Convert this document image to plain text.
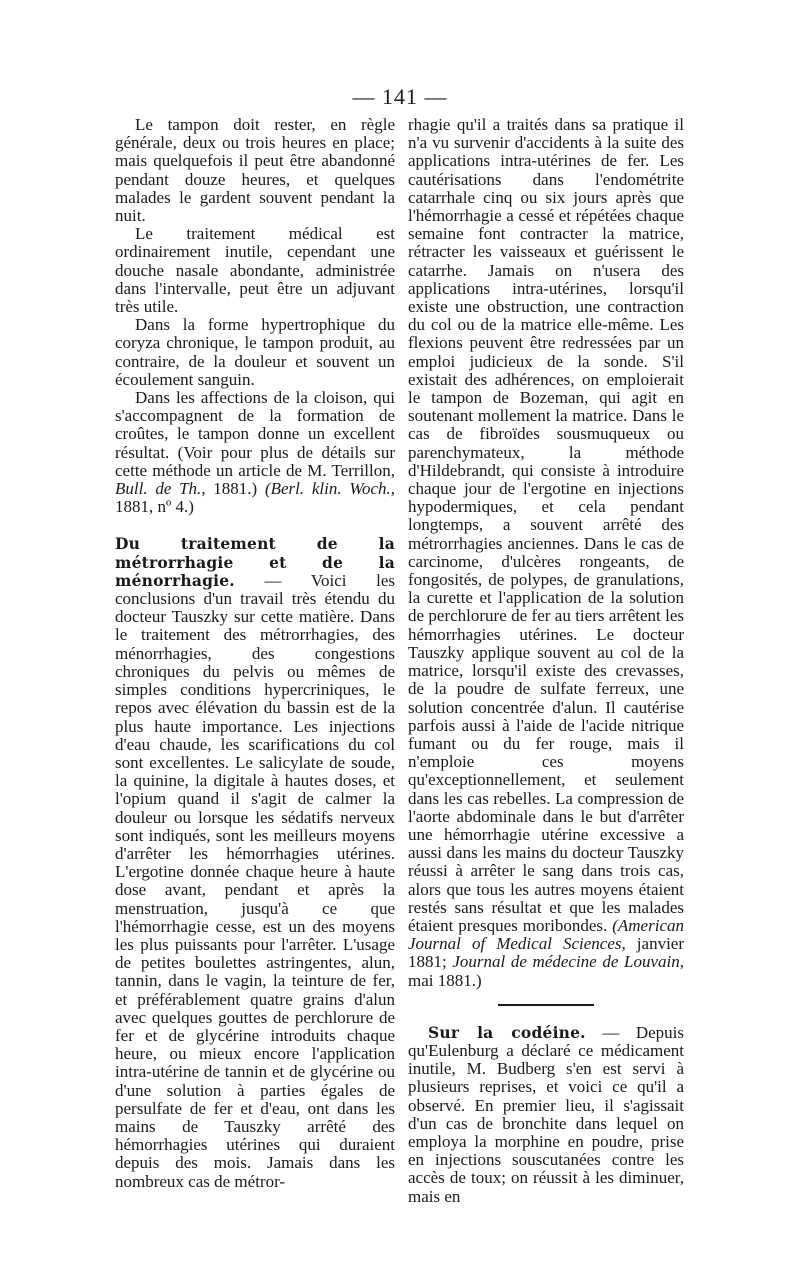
— 141 —

Le tampon doit rester, en règle générale, deux ou trois heures en place; mais quelquefois il peut être abandonné pendant douze heures, et quelques malades le gardent souvent pendant la nuit.

Le traitement médical est ordinairement inutile, cependant une douche nasale abondante, administrée dans l'intervalle, peut être un adjuvant très utile.

Dans la forme hypertrophique du coryza chronique, le tampon produit, au contraire, de la douleur et souvent un écoulement sanguin.

Dans les affections de la cloison, qui s'accompagnent de la formation de croûtes, le tampon donne un excellent résultat. (Voir pour plus de détails sur cette méthode un article de M. Terrillon, Bull. de Th., 1881.) (Berl. klin. Woch., 1881, nº 4.)

Du traitement de la métrorrhagie et de la ménorrhagie. — Voici les conclusions d'un travail très étendu du docteur Tauszky sur cette matière. Dans le traitement des métrorrhagies, des ménorrhagies, des congestions chroniques du pelvis ou mêmes de simples conditions hypercriniques, le repos avec élévation du bassin est de la plus haute importance. Les injections d'eau chaude, les scarifications du col sont excellentes. Le salicylate de soude, la quinine, la digitale à hautes doses, et l'opium quand il s'agit de calmer la douleur ou lorsque les sédatifs nerveux sont indiqués, sont les meilleurs moyens d'arrêter les hémorrhagies utérines. L'ergotine donnée chaque heure à haute dose avant, pendant et après la menstruation, jusqu'à ce que l'hémorrhagie cesse, est un des moyens les plus puissants pour l'arrêter. L'usage de petites boulettes astringentes, alun, tannin, dans le vagin, la teinture de fer, et préférablement quatre grains d'alun avec quelques gouttes de perchlorure de fer et de glycérine introduits chaque heure, ou mieux encore l'application intra-utérine de tannin et de glycérine ou d'une solution à parties égales de persulfate de fer et d'eau, ont dans les mains de Tauszky arrêté des hémorrhagies utérines qui duraient depuis des mois. Jamais dans les nombreux cas de métror-

rhagie qu'il a traités dans sa pratique il n'a vu survenir d'accidents à la suite des applications intra-utérines de fer. Les cautérisations dans l'endométrite catarrhale cinq ou six jours après que l'hémorrhagie a cessé et répétées chaque semaine font contracter la matrice, rétracter les vaisseaux et guérissent le catarrhe. Jamais on n'usera des applications intra-utérines, lorsqu'il existe une obstruction, une contraction du col ou de la matrice elle-même. Les flexions peuvent être redressées par un emploi judicieux de la sonde. S'il existait des adhérences, on emploierait le tampon de Bozeman, qui agit en soutenant mollement la matrice. Dans le cas de fibroïdes sousmuqueux ou parenchymateux, la méthode d'Hildebrandt, qui consiste à introduire chaque jour de l'ergotine en injections hypodermiques, et cela pendant longtemps, a souvent arrêté des métrorrhagies anciennes. Dans le cas de carcinome, d'ulcères rongeants, de fongosités, de polypes, de granulations, la curette et l'application de la solution de perchlorure de fer au tiers arrêtent les hémorrhagies utérines. Le docteur Tauszky applique souvent au col de la matrice, lorsqu'il existe des crevasses, de la poudre de sulfate ferreux, une solution concentrée d'alun. Il cautérise parfois aussi à l'aide de l'acide nitrique fumant ou du fer rouge, mais il n'emploie ces moyens qu'exceptionnellement, et seulement dans les cas rebelles. La compression de l'aorte abdominale dans le but d'arrêter une hémorrhagie utérine excessive a aussi dans les mains du docteur Tauszky réussi à arrêter le sang dans trois cas, alors que tous les autres moyens étaient restés sans résultat et que les malades étaient presques moribondes. (American Journal of Medical Sciences, janvier 1881; Journal de médecine de Louvain, mai 1881.)

Sur la codéine. — Depuis qu'Eulenburg a déclaré ce médicament inutile, M. Budberg s'en est servi à plusieurs reprises, et voici ce qu'il a observé. En premier lieu, il s'agissait d'un cas de bronchite dans lequel on employa la morphine en poudre, prise en injections souscutanées contre les accès de toux; on réussit à les diminuer, mais en
